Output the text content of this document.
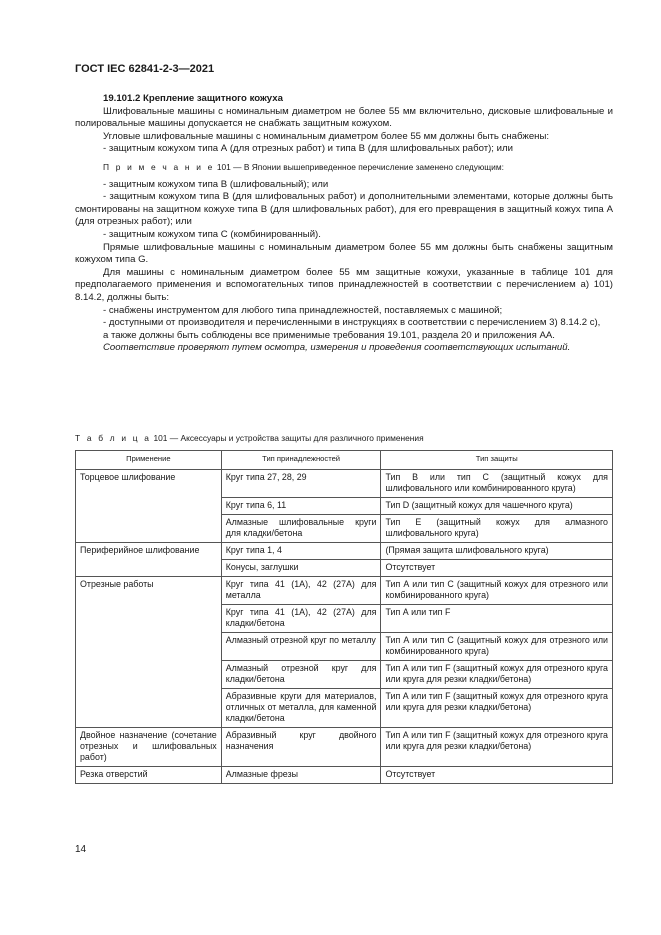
ГОСТ IEC 62841-2-3—2021

19.101.2 Крепление защитного кожуха

Шлифовальные машины с номинальным диаметром не более 55 мм включительно, дисковые шлифовальные и полировальные машины допускается не снабжать защитным кожухом.

Угловые шлифовальные машины с номинальным диаметром более 55 мм должны быть снабжены:

- защитным кожухом типа А (для отрезных работ) и типа В (для шлифовальных работ); или

П р и м е ч а н и е 101 — В Японии вышеприведенное перечисление заменено следующим:

- защитным кожухом типа В (шлифовальный); или

- защитным кожухом типа В (для шлифовальных работ) и дополнительными элементами, которые должны быть смонтированы на защитном кожухе типа В (для шлифовальных работ), для его превращения в защитный кожух типа А (для отрезных работ); или

- защитным кожухом типа С (комбинированный).

Прямые шлифовальные машины с номинальным диаметром более 55 мм должны быть снабжены защитным кожухом типа G.

Для машины с номинальным диаметром более 55 мм защитные кожухи, указанные в таблице 101 для предполагаемого применения и вспомогательных типов принадлежностей в соответствии с перечислением а) 101) 8.14.2, должны быть:

- снабжены инструментом для любого типа принадлежностей, поставляемых с машиной;

- доступными от производителя и перечисленными в инструкциях в соответствии с перечислением 3) 8.14.2 с),

а также должны быть соблюдены все применимые требования 19.101, раздела 20 и приложения АА.

Соответствие проверяют путем осмотра, измерения и проведения соответствующих испытаний.

Т а б л и ц а 101 — Аксессуары и устройства защиты для различного применения
Применение	Тип принадлежностей	Тип защиты
Торцевое шлифование	Круг типа 27, 28, 29	Тип В или тип С (защитный кожух для шлифовального или комбинированного круга)
	Круг типа 6, 11	Тип D (защитный кожух для чашечного круга)
	Алмазные шлифовальные круги для кладки/бетона	Тип Е (защитный кожух для алмазного шлифовального круга)
Периферийное шлифование	Круг типа 1, 4	(Прямая защита шлифовального круга)
	Конусы, заглушки	Отсутствует
Отрезные работы	Круг типа 41 (1А), 42 (27А) для металла	Тип А или тип С (защитный кожух для отрезного или комбинированного круга)
	Круг типа 41 (1А), 42 (27А) для кладки/бетона	Тип А или тип F
	Алмазный отрезной круг по металлу	Тип А или тип С (защитный кожух для отрезного или комбинированного круга)
	Алмазный отрезной круг для кладки/бетона	Тип А или тип F (защитный кожух для отрезного круга или круга для резки кладки/бетона)
	Абразивные круги для материалов, отличных от металла, для каменной кладки/бетона	Тип А или тип F (защитный кожух для отрезного круга или круга для резки кладки/бетона)
Двойное назначение (сочетание отрезных и шлифовальных работ)	Абразивный круг двойного назначения	Тип А или тип F (защитный кожух для отрезного круга или круга для резки кладки/бетона)
Резка отверстий	Алмазные фрезы	Отсутствует
14
